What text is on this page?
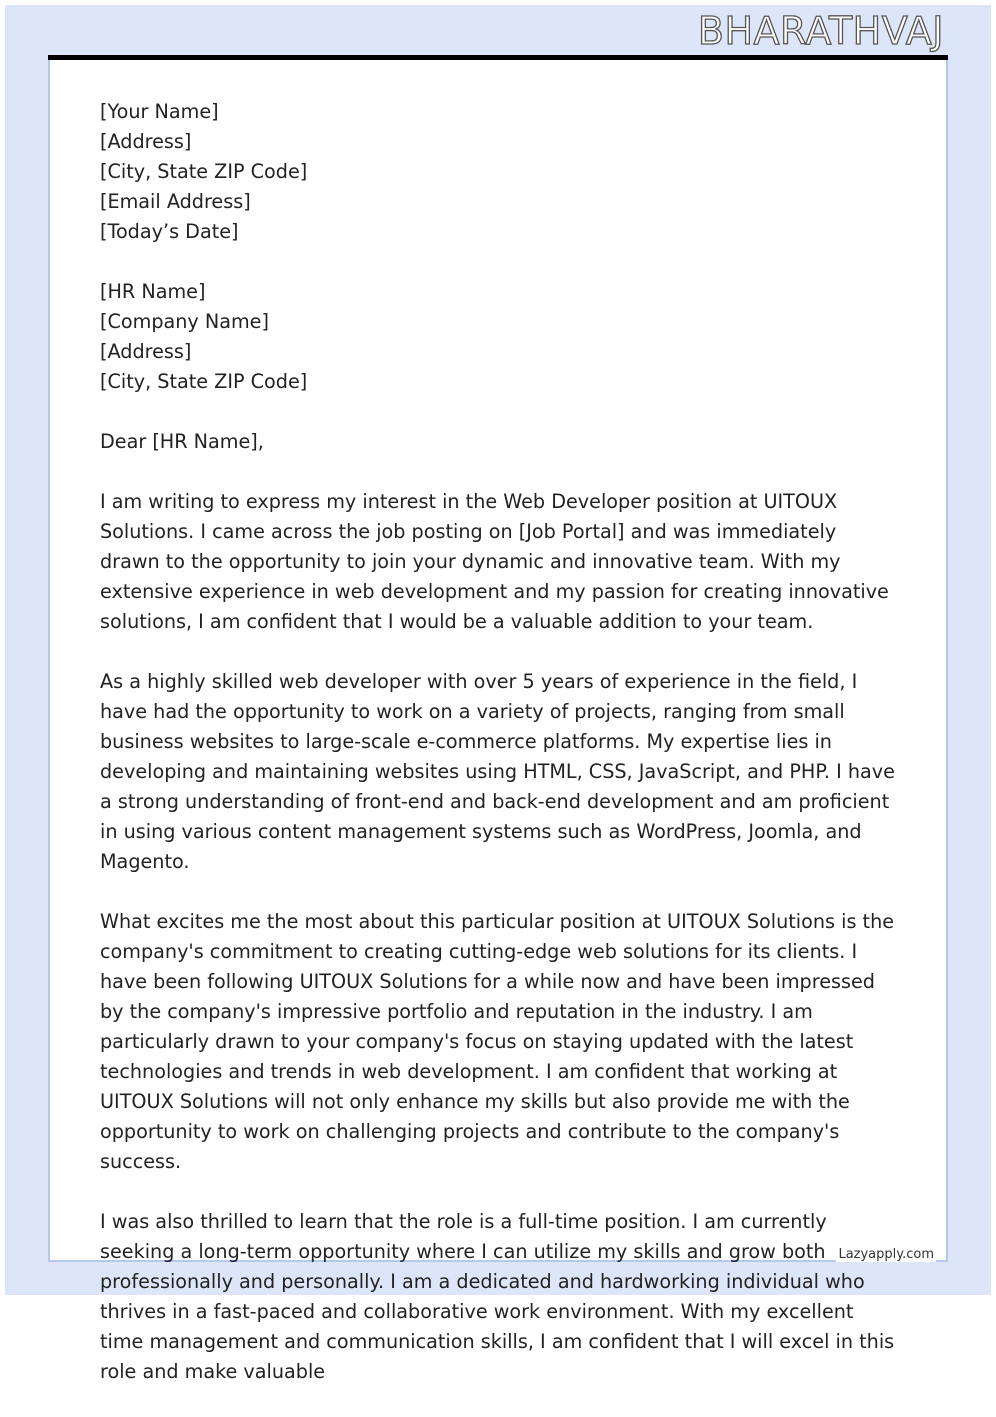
BHARATHVAJ
[Your Name]
[Address]
[City, State ZIP Code]
[Email Address]
[Today’s Date]
[HR Name]
[Company Name]
[Address]
[City, State ZIP Code]

Dear [HR Name],

I am writing to express my interest in the Web Developer position at UITOUX Solutions. I came across the job posting on [Job Portal] and was immediately drawn to the opportunity to join your dynamic and innovative team. With my extensive experience in web development and my passion for creating innovative solutions, I am confident that I would be a valuable addition to your team.

As a highly skilled web developer with over 5 years of experience in the field, I have had the opportunity to work on a variety of projects, ranging from small business websites to large-scale e-commerce platforms. My expertise lies in developing and maintaining websites using HTML, CSS, JavaScript, and PHP. I have a strong understanding of front-end and back-end development and am proficient in using various content management systems such as WordPress, Joomla, and Magento.

What excites me the most about this particular position at UITOUX Solutions is the company's commitment to creating cutting-edge web solutions for its clients. I have been following UITOUX Solutions for a while now and have been impressed by the company's impressive portfolio and reputation in the industry. I am particularly drawn to your company's focus on staying updated with the latest technologies and trends in web development. I am confident that working at UITOUX Solutions will not only enhance my skills but also provide me with the opportunity to work on challenging projects and contribute to the company's success.

I was also thrilled to learn that the role is a full-time position. I am currently seeking a long-term opportunity where I can utilize my skills and grow both professionally and personally. I am a dedicated and hardworking individual who thrives in a fast-paced and collaborative work environment. With my excellent time management and communication skills, I am confident that I will excel in this role and make valuable

Lazyapply.com
